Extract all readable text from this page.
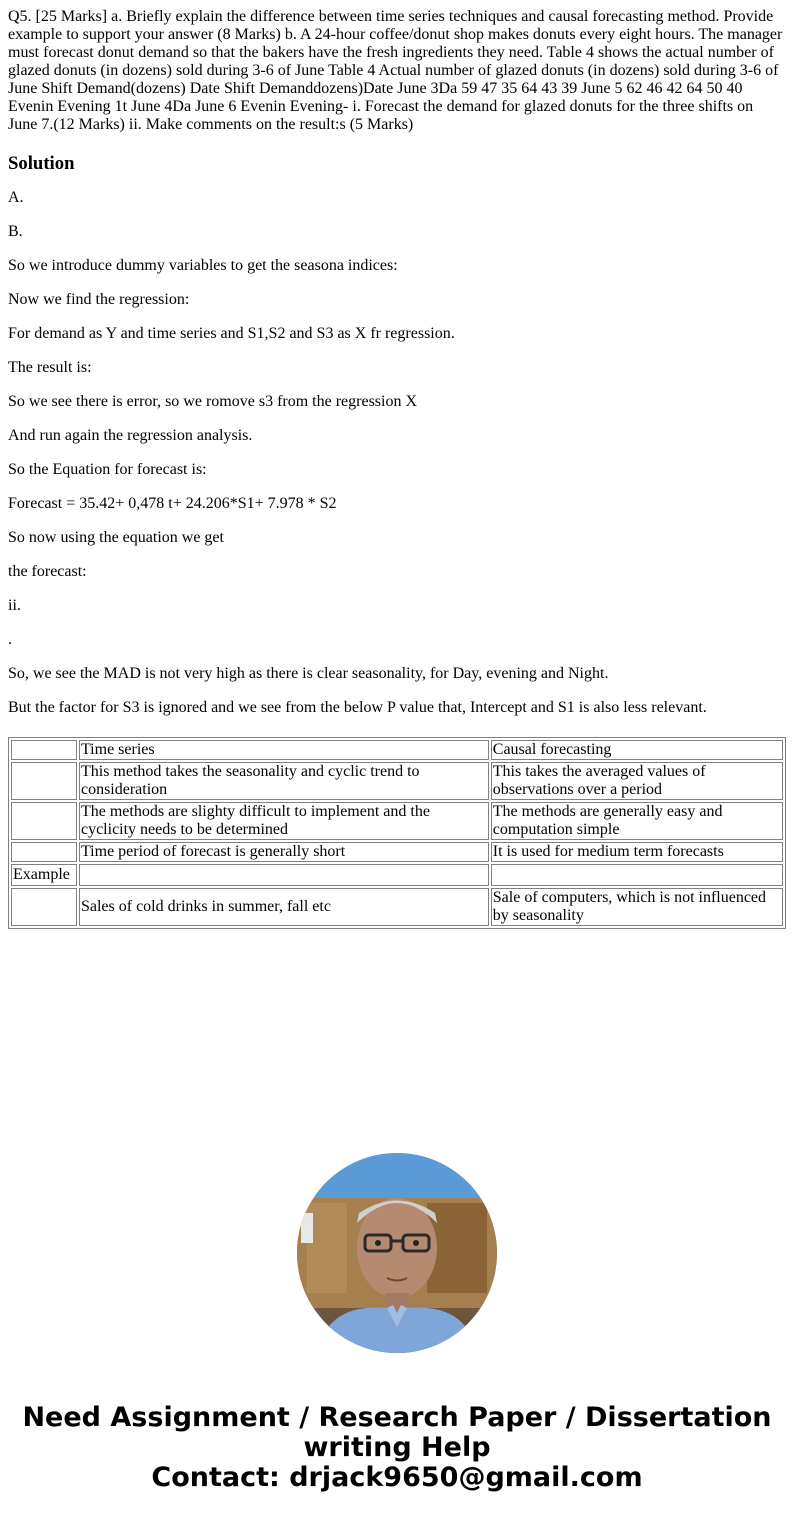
Q5. [25 Marks] a. Briefly explain the difference between time series techniques and causal forecasting method. Provide example to support your answer (8 Marks) b. A 24-hour coffee/donut shop makes donuts every eight hours. The manager must forecast donut demand so that the bakers have the fresh ingredients they need. Table 4 shows the actual number of glazed donuts (in dozens) sold during 3-6 of June Table 4 Actual number of glazed donuts (in dozens) sold during 3-6 of June Shift Demand(dozens) Date Shift Demanddozens)Date June 3Da 59 47 35 64 43 39 June 5 62 46 42 64 50 40 Evenin Evening 1t June 4Da June 6 Evenin Evening- i. Forecast the demand for glazed donuts for the three shifts on June 7.(12 Marks) ii. Make comments on the result:s (5 Marks)

Solution

A.

B.

So we introduce dummy variables to get the seasona indices:

Now we find the regression:

For demand as Y and time series and S1,S2 and S3 as X fr regression.

The result is:

So we see there is error, so we romove s3 from the regression X

And run again the regression analysis.

So the Equation for forecast is:

Forecast = 35.42+ 0,478 t+ 24.206*S1+ 7.978 * S2

So now using the equation we get

the forecast:

ii.

.

So, we see the MAD is not very high as there is clear seasonality, for Day, evening and Night.

But the factor for S3 is ignored and we see from the below P value that, Intercept and S1 is also less relevant.

	Time series	Causal forecasting
	This method takes the seasonality and cyclic trend to consideration	This takes the averaged values of observations over a period
	The methods are slighty difficult to implement and the cyclicity needs to be determined	The methods are generally easy and computation simple
	Time period of forecast is generally short	It is used for medium term forecasts
Example		
	Sales of cold drinks in summer, fall etc	Sale of computers, which is not influenced by seasonality
Need Assignment / Research Paper / Dissertation
writing Help
Contact: drjack9650@gmail.com
